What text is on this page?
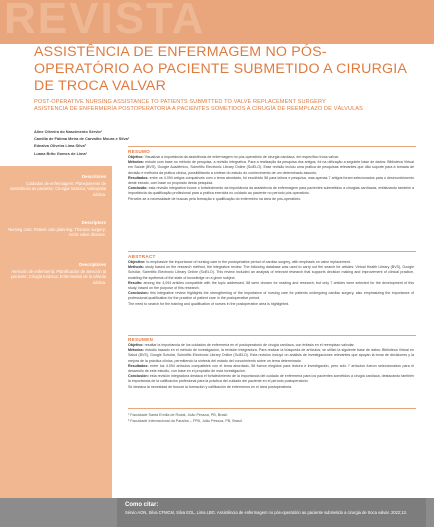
REVISTA
ASSISTÊNCIA DE ENFERMAGEM NO PÓS-OPERATÓRIO AO PACIENTE SUBMETIDO A CIRURGIA DE TROCA VALVAR
POST-OPERATIVE NURSING ASSISTANCE TO PATIENTS SUBMITTED TO VALVE REPLACEMENT SURGERY
ASISTENCIA DE ENFERMERÍA POSTOPERATORIA A PACIENTES SOMETIDOS A CIRUGÍA DE REEMPLAZO DE VÁLVULAS
Aline Oliveira do Nascimento Sérvio¹
Camilla de Fátima Meira de Carvalho Moura e Silva¹
Ednalva Oliveira Lima Silva²
Luana Brito Gomes de Lima¹
Descritores
Cuidados de enfermagem; Planejamento de assistência ao paciente; Cirurgia torácica; Valvopatia aórtica.
Descriptors
Nursing care; Patient care planning; Thoracic surgery; Aortic valve disease.
Descriptores
Atención de enfermería; Planificación de atención al paciente; Cirugía torácica; Enfermedad de la válvula aórtica.
RESUMO

Objetivo: Visualizar a importância da assistência de enfermagem no pós-operatório de cirurgia cardíaca, em específico troca valvar.

Métodos: estudo com base no método de pesquisa, a revisão integrativa. Para a realização da pesquisa dos artigos, foi na utilização a seguinte base de dados: Biblioteca Virtual em Saúde (BVS), Google Acadêmico, Scientific Electronic Library Online (SciELO). Esse revisão incluiu uma prática de pesquisas relevantes que dão suporte para a tomada de decisão e melhoria da prática clínica, possibilitando a síntese do estudo do conhecimento de um determinado assunto.

Resultados: entre os 4.094 artigos compatíveis com o tema abordado, foi escolhido 58 para leitura e pesquisa, mas apenas 7 artigos foram selecionados para o desenvolvimento deste estudo, com base no propósito desta pesquisa.

Conclusão: esta revisão integrativa trouxe o fortalecimento da importância da assistência de enfermagem para pacientes submetidos a cirurgias cardíacas, enfatizando também a importância da qualificação profissional para a prática exercida no cuidado ao paciente no período pós-operatório.

Percebe-se a necessidade de buscas pela formação e qualificação do enfermeiro na área de pós-operatório.

ABSTRACT

Objective: to emphasize the importance of nursing care in the postoperative period of cardiac surgery, with emphasis on valve replacement.

Methods: study based on the research method, the integrative review. The following database was used to carry out the search for articles: Virtual Health Library (BVS), Google Scholar, Scientific Electronic Library Online (SciELO). This review included an analysis of relevant research that supports decision making and improvement of clinical practice, enabling the synthesis of the state of knowledge on a given subject.

Results: among the 4,094 articles compatible with the topic addressed, 58 were chosen for reading and research, but only 7 articles were selected for the development of this study, based on the purpose of this research.

Conclusion: this integrative review highlights the strengthening of the importance of nursing care for patients undergoing cardiac surgery, also emphasizing the importance of professional qualification for the practice of patient care in the postoperative period.

The need to search for the training and qualification of nurses in the postoperative area is highlighted.

RESUMEN

Objetivo: resaltar la importancia de los cuidados de enfermería en el postoperatorio de cirugía cardíaca, con énfasis en el reemplazo valvular.

Métodos: estudio basado en el método de investigación, la revisión integradora. Para realizar la búsqueda de artículos, se utilizó la siguiente base de datos: Biblioteca Virtual en Salud (BVS), Google Scholar, Scientific Electronic Library Online (SciELO). Esta revisión incluyó un análisis de investigaciones relevantes que apoyan la toma de decisiones y la mejora de la práctica clínica, permitiendo la síntesis del estado del conocimiento sobre un tema determinado.

Resultados: entre los 4.094 artículos compatibles con el tema abordado, 58 fueron elegidos para lectura e investigación, pero solo 7 artículos fueron seleccionados para el desarrollo de este estudio, con base en el propósito de esta investigación.

Conclusión: esta revisión integradora destaca el fortalecimiento de la importancia del cuidado de enfermería para los pacientes sometidos a cirugía cardíaca, destacando también la importancia de la calificación profesional para la práctica del cuidado del paciente en el período postoperatorio.

Se destaca la necesidad de buscar la formación y calificación de enfermeros en el área postoperatoria.

¹ Faculdade Santa Emília de Rodat, João Pessoa, PB, Brasil.
² Faculdade Internacional da Paraíba – FPB, João Pessoa, PB, Brasil.
Como citar:
Sérvio AON, Silva CFMCM, Silva EOL, Lima LBG. Assistência de enfermagem no pós-operatório ao paciente submetido a cirurgia de troca valvar. 2022;13.
